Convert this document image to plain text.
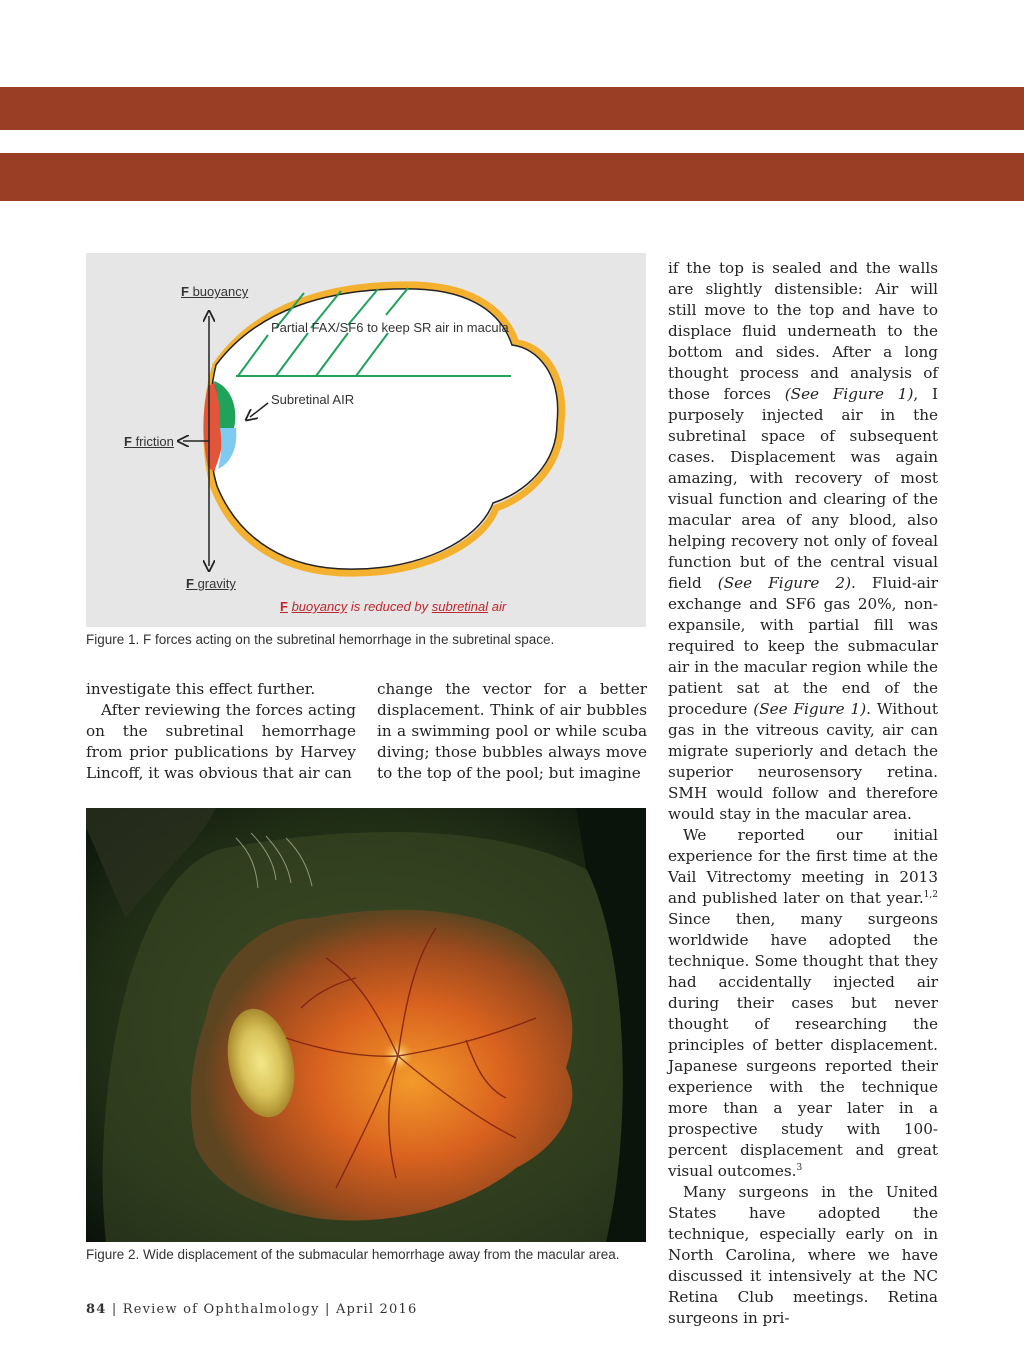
F buoyancy
Partial FAX/SF6 to keep SR air in macula
Subretinal AIR
F friction
F gravity
F buoyancy is reduced by subretinal air
Figure 1. F forces acting on the subretinal hemorrhage in the subretinal space.

investigate this effect further.

After reviewing the forces acting on the subretinal hemorrhage from prior publications by Harvey Lincoff, it was obvious that air can

change the vector for a better displacement. Think of air bubbles in a swimming pool or while scuba diving; those bubbles always move to the top of the pool; but imagine

if the top is sealed and the walls are slightly distensible: Air will still move to the top and have to displace fluid underneath to the bottom and sides. After a long thought process and analysis of those forces (See Figure 1), I purposely injected air in the subretinal space of subsequent cases. Displacement was again amazing, with recovery of most visual function and clearing of the macular area of any blood, also helping recovery not only of foveal function but of the central visual field (See Figure 2). Fluid-air exchange and SF6 gas 20%, non-expansile, with partial fill was required to keep the submacular air in the macular region while the patient sat at the end of the procedure (See Figure 1). Without gas in the vitreous cavity, air can migrate superiorly and detach the superior neurosensory retina. SMH would follow and therefore would stay in the macular area.

We reported our initial experience for the first time at the Vail Vitrectomy meeting in 2013 and published later on that year.$^{1,2}$ Since then, many surgeons worldwide have adopted the technique. Some thought that they had accidentally injected air during their cases but never thought of researching the principles of better displacement. Japanese surgeons reported their experience with the technique more than a year later in a prospective study with 100-percent displacement and great visual outcomes.$^3$

Many surgeons in the United States have adopted the technique, especially early on in North Carolina, where we have discussed it intensively at the NC Retina Club meetings. Retina surgeons in pri-

Figure 2. Wide displacement of the submacular hemorrhage away from the macular area.
84 | Review of Ophthalmology | April 2016
